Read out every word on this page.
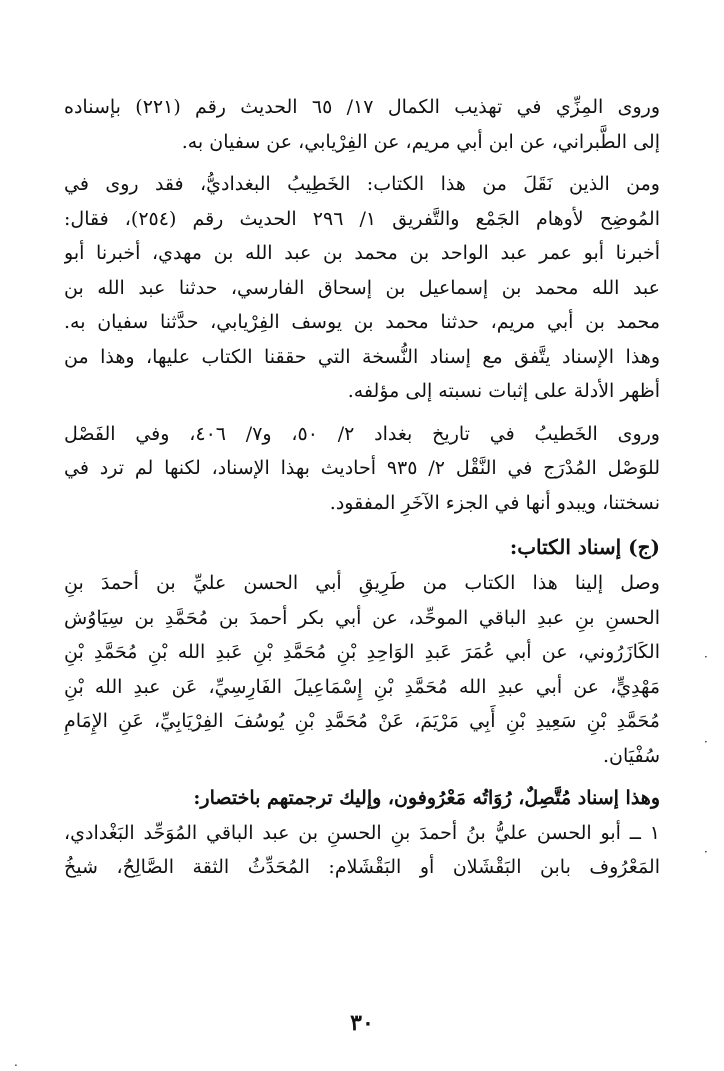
وروى المِزِّي في تهذيب الكمال ١٧/ ٦٥ الحديث رقم (٢٢١) بإسناده
إلى الطَّبراني، عن ابن أبي مريم، عن الفِرْيابي، عن سفيان به.
ومن الذين نَقَلَ من هذا الكتاب: الخَطِيبُ البغداديُّ، فقد روى في
المُوضِح لأوهام الجَمْع والتَّفريق ١/ ٢٩٦ الحديث رقم (٢٥٤)، فقال:
أخبرنا أبو عمر عبد الواحد بن محمد بن عبد الله بن مهدي، أخبرنا أبو
عبد الله محمد بن إسماعيل بن إسحاق الفارسي، حدثنا عبد الله بن
محمد بن أبي مريم، حدثنا محمد بن يوسف الفِرْيابي، حدَّثنا سفيان به.
وهذا الإسناد يتَّفق مع إسناد النُّسخة التي حققنا الكتاب عليها، وهذا من
أظهر الأدلة على إثبات نسبته إلى مؤلفه.
وروى الخَطيبُ في تاريخ بغداد ٢/ ٥٠، و٧/ ٤٠٦، وفي الفَصْل
للوَصْل المُدْرَج في النَّقْل ٢/ ٩٣٥ أحاديث بهذا الإسناد، لكنها لم ترد في
نسختنا، ويبدو أنها في الجزء الآخَرِ المفقود.
(ج) إسناد الكتاب:
وصل إلينا هذا الكتاب من طَرِيقِ أبي الحسن عليِّ بن أحمدَ بنِ
الحسنِ بنِ عبدِ الباقي الموحِّد، عن أبي بكر أحمدَ بن مُحَمَّدِ بن سِيَاوُش
الكَازَرُوني، عن أبي عُمَرَ عَبدِ الوَاحِدِ بْنِ مُحَمَّدِ بْنِ عَبدِ الله بْنِ مُحَمَّدِ بْنِ
مَهْدِيٍّ، عن أبي عبدِ الله مُحَمَّدِ بْنِ إِسْمَاعِيلَ الفَارِسِيِّ، عَن عبدِ الله بْنِ
مُحَمَّدِ بْنِ سَعِيدِ بْنِ أَبِي مَرْيَمَ، عَنْ مُحَمَّدِ بْنِ يُوسُفَ الفِرْيَابِيِّ، عَنِ الإِمَامِ
سُفْيَان.
وهذا إسناد مُتَّصِلٌ، رُوَاتُه مَعْرُوفون، وإليك ترجمتهم باختصار:
١ ــ أبو الحسن عليُّ بنُ أحمدَ بنِ الحسنِ بن عبد الباقي المُوَحِّد البَغْدادي،
المَعْرُوف بابن البَقْشَلان أو البَقْشَلام: المُحَدِّثُ الثقة الصَّالِحُ، شيخُ
٣٠
·
·
·
.
